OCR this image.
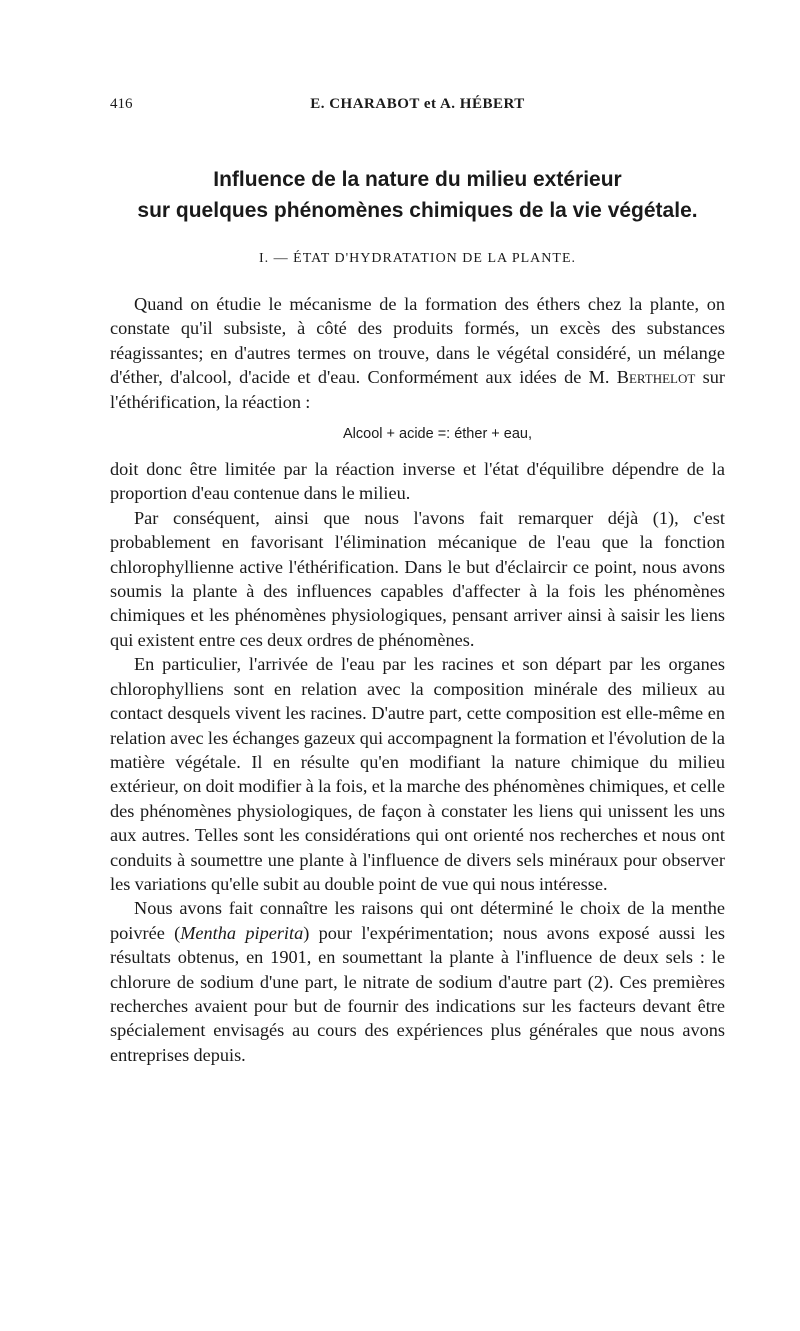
416	E. CHARABOT et A. HÉBERT
Influence de la nature du milieu extérieur
sur quelques phénomènes chimiques de la vie végétale.
I. — ÉTAT D'HYDRATATION DE LA PLANTE.

Quand on étudie le mécanisme de la formation des éthers chez la plante, on constate qu'il subsiste, à côté des produits formés, un excès des substances réagissantes; en d'autres termes on trouve, dans le végétal considéré, un mélange d'éther, d'alcool, d'acide et d'eau. Conformément aux idées de M. Berthelot sur l'éthérification, la réaction :

Alcool + acide =: éther + eau,

doit donc être limitée par la réaction inverse et l'état d'équilibre dépendre de la proportion d'eau contenue dans le milieu.

Par conséquent, ainsi que nous l'avons fait remarquer déjà (1), c'est probablement en favorisant l'élimination mécanique de l'eau que la fonction chlorophyllienne active l'éthérification. Dans le but d'éclaircir ce point, nous avons soumis la plante à des influences capables d'affecter à la fois les phénomènes chimiques et les phénomènes physiologiques, pensant arriver ainsi à saisir les liens qui existent entre ces deux ordres de phénomènes.

En particulier, l'arrivée de l'eau par les racines et son départ par les organes chlorophylliens sont en relation avec la composition minérale des milieux au contact desquels vivent les racines. D'autre part, cette composition est elle-même en relation avec les échanges gazeux qui accompagnent la formation et l'évolution de la matière végétale. Il en résulte qu'en modifiant la nature chimique du milieu extérieur, on doit modifier à la fois, et la marche des phénomènes chimiques, et celle des phénomènes physiologiques, de façon à constater les liens qui unissent les uns aux autres. Telles sont les considérations qui ont orienté nos recherches et nous ont conduits à soumettre une plante à l'influence de divers sels minéraux pour observer les variations qu'elle subit au double point de vue qui nous intéresse.

Nous avons fait connaître les raisons qui ont déterminé le choix de la menthe poivrée (Mentha piperita) pour l'expérimentation; nous avons exposé aussi les résultats obtenus, en 1901, en soumettant la plante à l'influence de deux sels : le chlorure de sodium d'une part, le nitrate de sodium d'autre part (2). Ces premières recherches avaient pour but de fournir des indications sur les facteurs devant être spécialement envisagés au cours des expériences plus générales que nous avons entreprises depuis.
